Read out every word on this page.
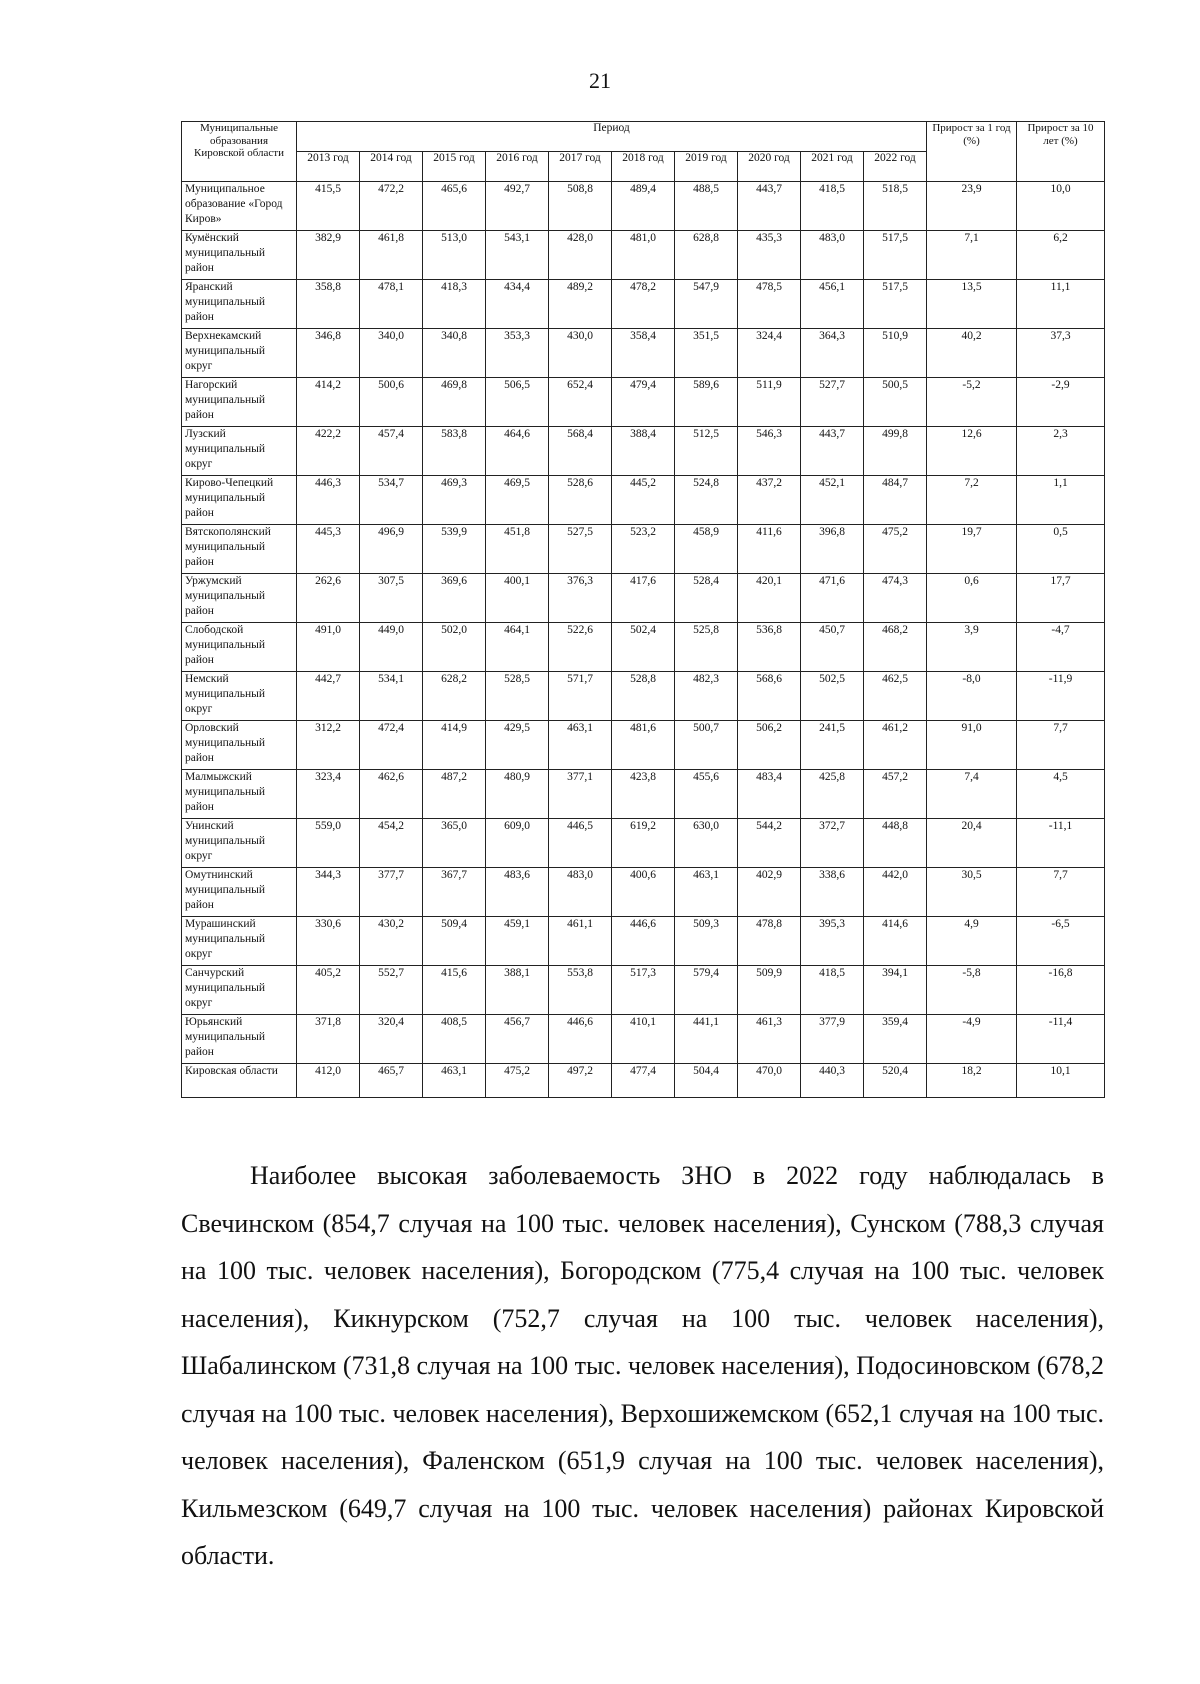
21
Муниципальные образования Кировской области	Период										Прирост за 1 год (%)	Прирост за 10 лет (%)
	2013 год	2014 год	2015 год	2016 год	2017 год	2018 год	2019 год	2020 год	2021 год	2022 год		
Муниципальное образование «Город Киров»	415,5	472,2	465,6	492,7	508,8	489,4	488,5	443,7	418,5	518,5	23,9	10,0
Кумёнский муниципальный район	382,9	461,8	513,0	543,1	428,0	481,0	628,8	435,3	483,0	517,5	7,1	6,2
Яранский муниципальный район	358,8	478,1	418,3	434,4	489,2	478,2	547,9	478,5	456,1	517,5	13,5	11,1
Верхнекамский муниципальный округ	346,8	340,0	340,8	353,3	430,0	358,4	351,5	324,4	364,3	510,9	40,2	37,3
Нагорский муниципальный район	414,2	500,6	469,8	506,5	652,4	479,4	589,6	511,9	527,7	500,5	-5,2	-2,9
Лузский муниципальный округ	422,2	457,4	583,8	464,6	568,4	388,4	512,5	546,3	443,7	499,8	12,6	2,3
Кирово-Чепецкий муниципальный район	446,3	534,7	469,3	469,5	528,6	445,2	524,8	437,2	452,1	484,7	7,2	1,1
Вятскополянский муниципальный район	445,3	496,9	539,9	451,8	527,5	523,2	458,9	411,6	396,8	475,2	19,7	0,5
Уржумский муниципальный район	262,6	307,5	369,6	400,1	376,3	417,6	528,4	420,1	471,6	474,3	0,6	17,7
Слободской муниципальный район	491,0	449,0	502,0	464,1	522,6	502,4	525,8	536,8	450,7	468,2	3,9	-4,7
Немский муниципальный округ	442,7	534,1	628,2	528,5	571,7	528,8	482,3	568,6	502,5	462,5	-8,0	-11,9
Орловский муниципальный район	312,2	472,4	414,9	429,5	463,1	481,6	500,7	506,2	241,5	461,2	91,0	7,7
Малмыжский муниципальный район	323,4	462,6	487,2	480,9	377,1	423,8	455,6	483,4	425,8	457,2	7,4	4,5
Унинский муниципальный округ	559,0	454,2	365,0	609,0	446,5	619,2	630,0	544,2	372,7	448,8	20,4	-11,1
Омутнинский муниципальный район	344,3	377,7	367,7	483,6	483,0	400,6	463,1	402,9	338,6	442,0	30,5	7,7
Мурашинский муниципальный округ	330,6	430,2	509,4	459,1	461,1	446,6	509,3	478,8	395,3	414,6	4,9	-6,5
Санчурский муниципальный округ	405,2	552,7	415,6	388,1	553,8	517,3	579,4	509,9	418,5	394,1	-5,8	-16,8
Юрьянский муниципальный район	371,8	320,4	408,5	456,7	446,6	410,1	441,1	461,3	377,9	359,4	-4,9	-11,4
Кировская области	412,0	465,7	463,1	475,2	497,2	477,4	504,4	470,0	440,3	520,4	18,2	10,1

Наиболее высокая заболеваемость ЗНО в 2022 году наблюдалась в Свечинском (854,7 случая на 100 тыс. человек населения), Сунском (788,3 случая на 100 тыс. человек населения), Богородском (775,4 случая на 100 тыс. человек населения), Кикнурском (752,7 случая на 100 тыс. человек населения), Шабалинском (731,8 случая на 100 тыс. человек населения), Подосиновском (678,2 случая на 100 тыс. человек населения), Верхошижемском (652,1 случая на 100 тыс. человек населения), Фаленском (651,9 случая на 100 тыс. человек населения), Кильмезском (649,7 случая на 100 тыс. человек населения) районах Кировской области.
